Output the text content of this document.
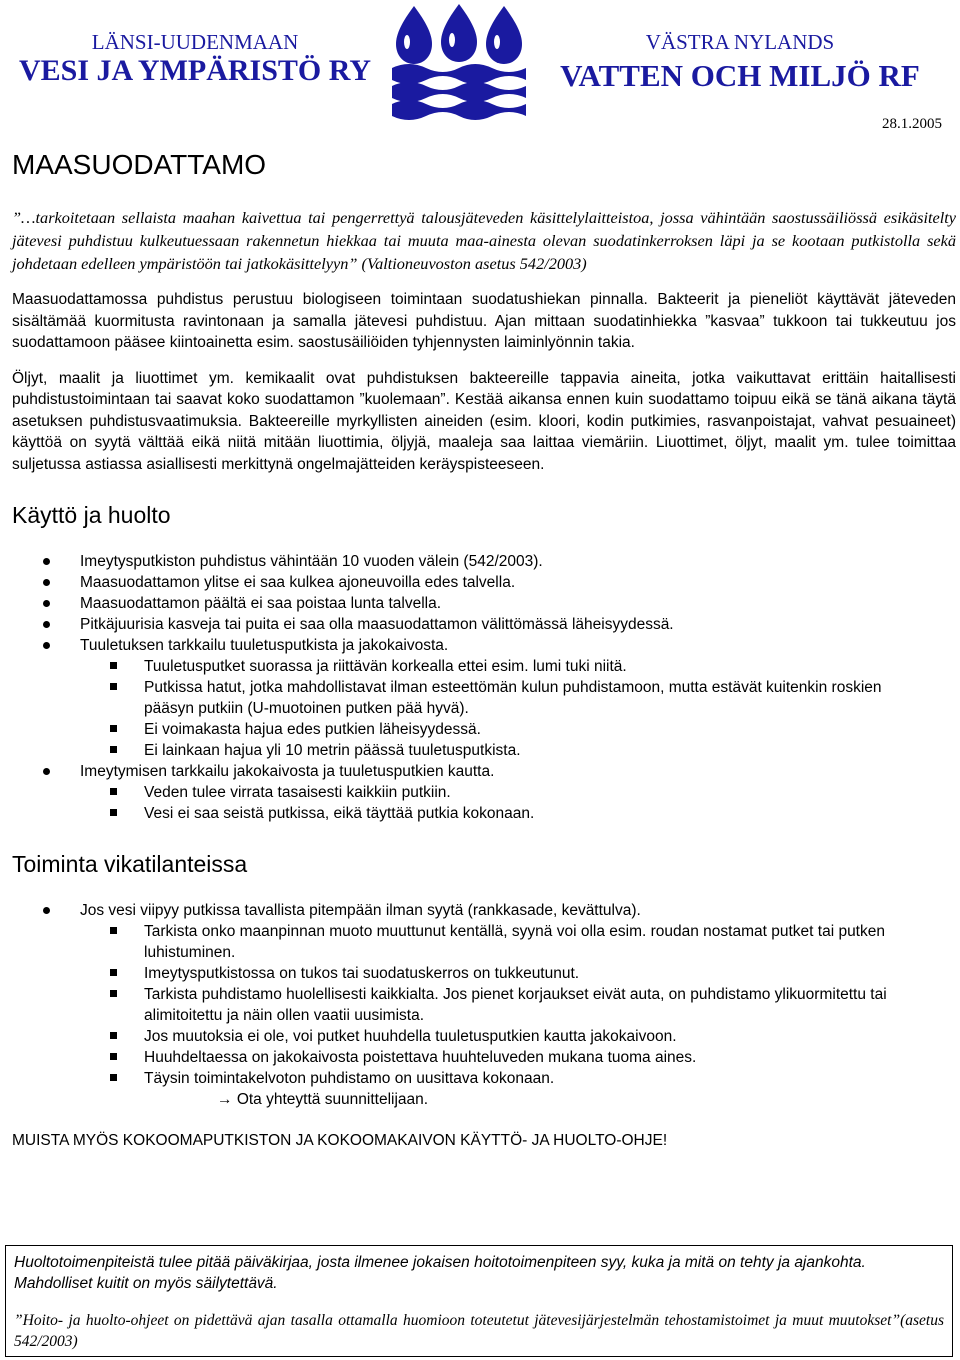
LÄNSI-UUDENMAAN
VESI JA YMPÄRISTÖ RY
VÄSTRA NYLANDS
VATTEN OCH MILJÖ RF
28.1.2005
MAASUODATTAMO

”…tarkoitetaan sellaista maahan kaivettua tai pengerrettyä talousjäteveden käsittelylaitteistoa, jossa vähintään saostussäiliössä esikäsitelty jätevesi puhdistuu kulkeutuessaan rakennetun hiekkaa tai muuta maa-ainesta olevan suodatinkerroksen läpi ja se kootaan putkistolla sekä johdetaan edelleen ympäristöön tai jatkokäsittelyyn” (Valtioneuvoston asetus 542/2003)

Maasuodattamossa puhdistus perustuu biologiseen toimintaan suodatushiekan pinnalla. Bakteerit ja pieneliöt käyttävät jäteveden sisältämää kuormitusta ravintonaan ja samalla jätevesi puhdistuu. Ajan mittaan suodatinhiekka ”kasvaa” tukkoon tai tukkeutuu jos suodattamoon pääsee kiintoainetta esim. saostusäiliöiden tyhjennysten laiminlyönnin takia.

Öljyt, maalit ja liuottimet ym. kemikaalit ovat puhdistuksen bakteereille tappavia aineita, jotka vaikuttavat erittäin haitallisesti puhdistustoimintaan tai saavat koko suodattamon ”kuolemaan”. Kestää aikansa ennen kuin suodattamo toipuu eikä se tänä aikana täytä asetuksen puhdistusvaatimuksia. Bakteereille myrkyllisten aineiden (esim. kloori, kodin putkimies, rasvanpoistajat, vahvat pesuaineet) käyttöä on syytä välttää eikä niitä mitään liuottimia, öljyjä, maaleja saa laittaa viemäriin. Liuottimet, öljyt, maalit ym. tulee toimittaa suljetussa astiassa asiallisesti merkittynä ongelmajätteiden keräyspisteeseen.

Käyttö ja huolto
Imeytysputkiston puhdistus vähintään 10 vuoden välein (542/2003).
Maasuodattamon ylitse ei saa kulkea ajoneuvoilla edes talvella.
Maasuodattamon päältä ei saa poistaa lunta talvella.
Pitkäjuurisia kasveja tai puita ei saa olla maasuodattamon välittömässä läheisyydessä.
Tuuletuksen tarkkailu tuuletusputkista ja jakokaivosta.
Tuuletusputket suorassa ja riittävän korkealla ettei esim. lumi tuki niitä.
Putkissa hatut, jotka mahdollistavat ilman esteettömän kulun puhdistamoon, mutta estävät kuitenkin roskien pääsyn putkiin (U-muotoinen putken pää hyvä).
Ei voimakasta hajua edes putkien läheisyydessä.
Ei lainkaan hajua yli 10 metrin päässä tuuletusputkista.
Imeytymisen tarkkailu jakokaivosta ja tuuletusputkien kautta.
Veden tulee virrata tasaisesti kaikkiin putkiin.
Vesi ei saa seistä putkissa, eikä täyttää putkia kokonaan.
Toiminta vikatilanteissa
Jos vesi viipyy putkissa tavallista pitempään ilman syytä (rankkasade, kevättulva).
Tarkista onko maanpinnan muoto muuttunut kentällä, syynä voi olla esim. roudan nostamat putket tai putken luhistuminen.
Imeytysputkistossa on tukos tai suodatuskerros on tukkeutunut.
Tarkista puhdistamo huolellisesti kaikkialta. Jos pienet korjaukset eivät auta, on puhdistamo ylikuormitettu tai alimitoitettu ja näin ollen vaatii uusimista.
Jos muutoksia ei ole, voi putket huuhdella tuuletusputkien kautta jakokaivoon.
Huuhdeltaessa on jakokaivosta poistettava huuhteluveden mukana tuoma aines.
Täysin toimintakelvoton puhdistamo on uusittava kokonaan.
→ Ota yhteyttä suunnittelijaan.

MUISTA MYÖS KOKOOMAPUTKISTON JA KOKOOMAKAIVON KÄYTTÖ- JA HUOLTO-OHJE!

Huoltotoimenpiteistä tulee pitää päiväkirjaa, josta ilmenee jokaisen hoitotoimenpiteen syy, kuka ja mitä on tehty ja ajankohta. Mahdolliset kuitit on myös säilytettävä.

”Hoito- ja huolto-ohjeet on pidettävä ajan tasalla ottamalla huomioon toteutetut jätevesijärjestelmän tehostamistoimet ja muut muutokset”(asetus 542/2003)
